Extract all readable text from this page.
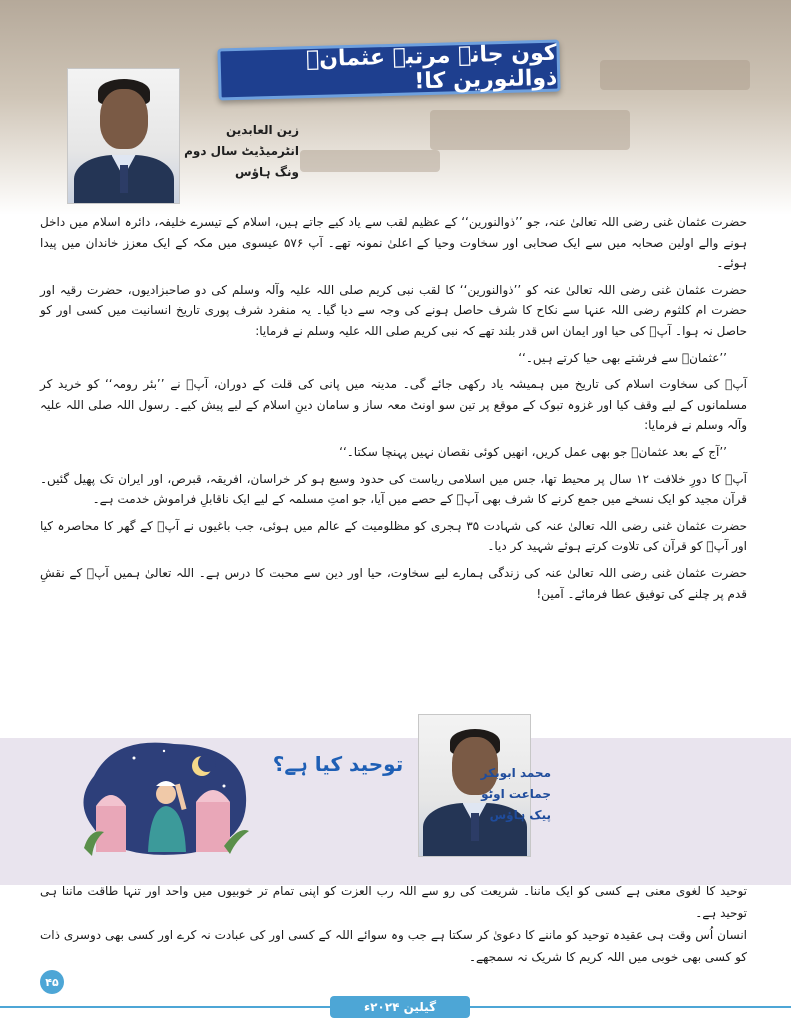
کون جانے مرتبہ عثمانؓ ذوالنورین کا!
زین العابدین
انٹرمیڈیٹ سال دوم
ونگ ہاؤس

حضرت عثمان غنی رضی اللہ تعالیٰ عنہ، جو ’’ذوالنورین‘‘ کے عظیم لقب سے یاد کیے جاتے ہیں، اسلام کے تیسرے خلیفہ، دائرہ اسلام میں داخل ہونے والے اولین صحابہ میں سے ایک صحابی اور سخاوت وحیا کے اعلیٰ نمونہ تھے۔ آپ ۵۷۶ عیسوی میں مکہ کے ایک معزز خاندان میں پیدا ہوئے۔

حضرت عثمان غنی رضی اللہ تعالیٰ عنہ کو ’’ذوالنورین‘‘ کا لقب نبی کریم صلی اللہ علیہ وآلہ وسلم کی دو صاحبزادیوں، حضرت رقیہ اور حضرت ام کلثوم رضی اللہ عنہا سے نکاح کا شرف حاصل ہونے کی وجہ سے دیا گیا۔ یہ منفرد شرف پوری تاریخ انسانیت میں کسی اور کو حاصل نہ ہوا۔ آپؓ کی حیا اور ایمان اس قدر بلند تھے کہ نبی کریم صلی اللہ علیہ وسلم نے فرمایا:

’’عثمانؓ سے فرشتے بھی حیا کرتے ہیں۔‘‘

آپؓ کی سخاوت اسلام کی تاریخ میں ہمیشہ یاد رکھی جائے گی۔ مدینہ میں پانی کی قلت کے دوران، آپؓ نے ’’بئر رومہ‘‘ کو خرید کر مسلمانوں کے لیے وقف کیا اور غزوہ تبوک کے موقع پر تین سو اونٹ معہ ساز و سامان دینِ اسلام کے لیے پیش کیے۔ رسول اللہ صلی اللہ علیہ وآلہ وسلم نے فرمایا:

’’آج کے بعد عثمانؓ جو بھی عمل کریں، انھیں کوئی نقصان نہیں پہنچا سکتا۔‘‘

آپؓ کا دورِ خلافت ۱۲ سال پر محیط تھا، جس میں اسلامی ریاست کی حدود وسیع ہو کر خراسان، افریقہ، قبرص، اور ایران تک پھیل گئیں۔ قرآن مجید کو ایک نسخے میں جمع کرنے کا شرف بھی آپؓ کے حصے میں آیا، جو امتِ مسلمہ کے لیے ایک ناقابلِ فراموش خدمت ہے۔

حضرت عثمان غنی رضی اللہ تعالیٰ عنہ کی شہادت ۳۵ ہجری کو مظلومیت کے عالم میں ہوئی، جب باغیوں نے آپؓ کے گھر کا محاصرہ کیا اور آپؓ کو قرآن کی تلاوت کرتے ہوئے شہید کر دیا۔

حضرت عثمان غنی رضی اللہ تعالیٰ عنہ کی زندگی ہمارے لیے سخاوت، حیا اور دین سے محبت کا درس ہے۔ اللہ تعالیٰ ہمیں آپؓ کے نقشِ قدم پر چلنے کی توفیق عطا فرمائے۔ آمین!

توحید کیا ہے؟	محمد ابوبکر
جماعت اوٹو
پیک ہاؤس

توحید کا لغوی معنی ہے کسی کو ایک ماننا۔ شریعت کی رو سے اللہ رب العزت کو اپنی تمام تر خوبیوں میں واحد اور تنہا طاقت ماننا ہی توحید ہے۔

انسان اُس وقت ہی عقیدہ توحید کو ماننے کا دعویٰ کر سکتا ہے جب وہ سوائے اللہ کے کسی اور کی عبادت نہ کرے اور کسی بھی دوسری ذات کو کسی بھی خوبی میں اللہ کریم کا شریک نہ سمجھے۔

۴۵
گیلین ۲۰۲۴ء
